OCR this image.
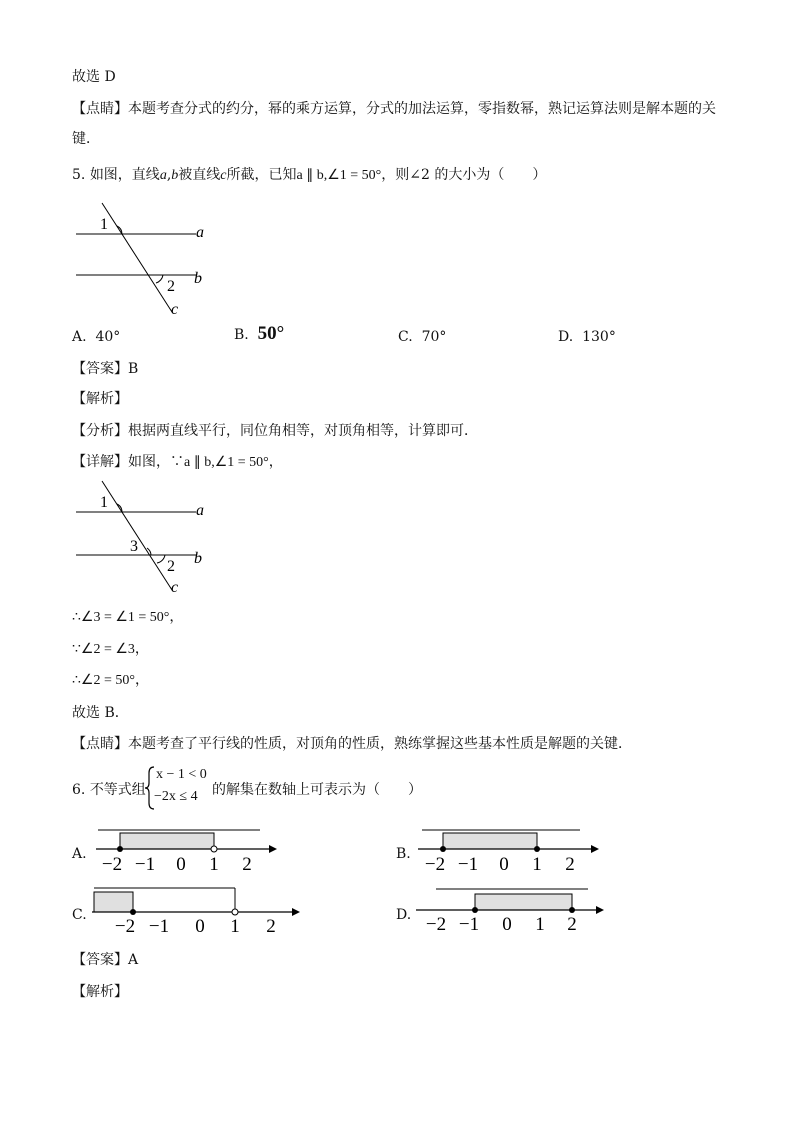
故选 D
【点睛】本题考查分式的约分，幂的乘方运算，分式的加法运算，零指数幂，熟记运算法则是解本题的关
键．
5. 如图，直线a,b被直线c所截，已知a ∥ b,∠1 = 50°，则∠2 的大小为（　　）
1
2
a
b
c
A. 40°	B. 50°	C. 70°	D. 130°
【答案】B
【解析】
【分析】根据两直线平行，同位角相等，对顶角相等，计算即可．
【详解】如图，∵a ∥ b,∠1 = 50°，
1
3
2
a
b
c
∴∠3 = ∠1 = 50°，
∵∠2 = ∠3，
∴∠2 = 50°，
故选 B．
【点睛】本题考查了平行线的性质，对顶角的性质，熟练掌握这些基本性质是解题的关键．
6. 不等式组
x − 1 < 0
−2x ≤ 4 的解集在数轴上可表示为（　　）
A. −2 −1 0 1 2	B. −2 −1 0 1 2
C.
−2 −1 0 1 2
D. −2 −1 0 1 2
【答案】A
【解析】
